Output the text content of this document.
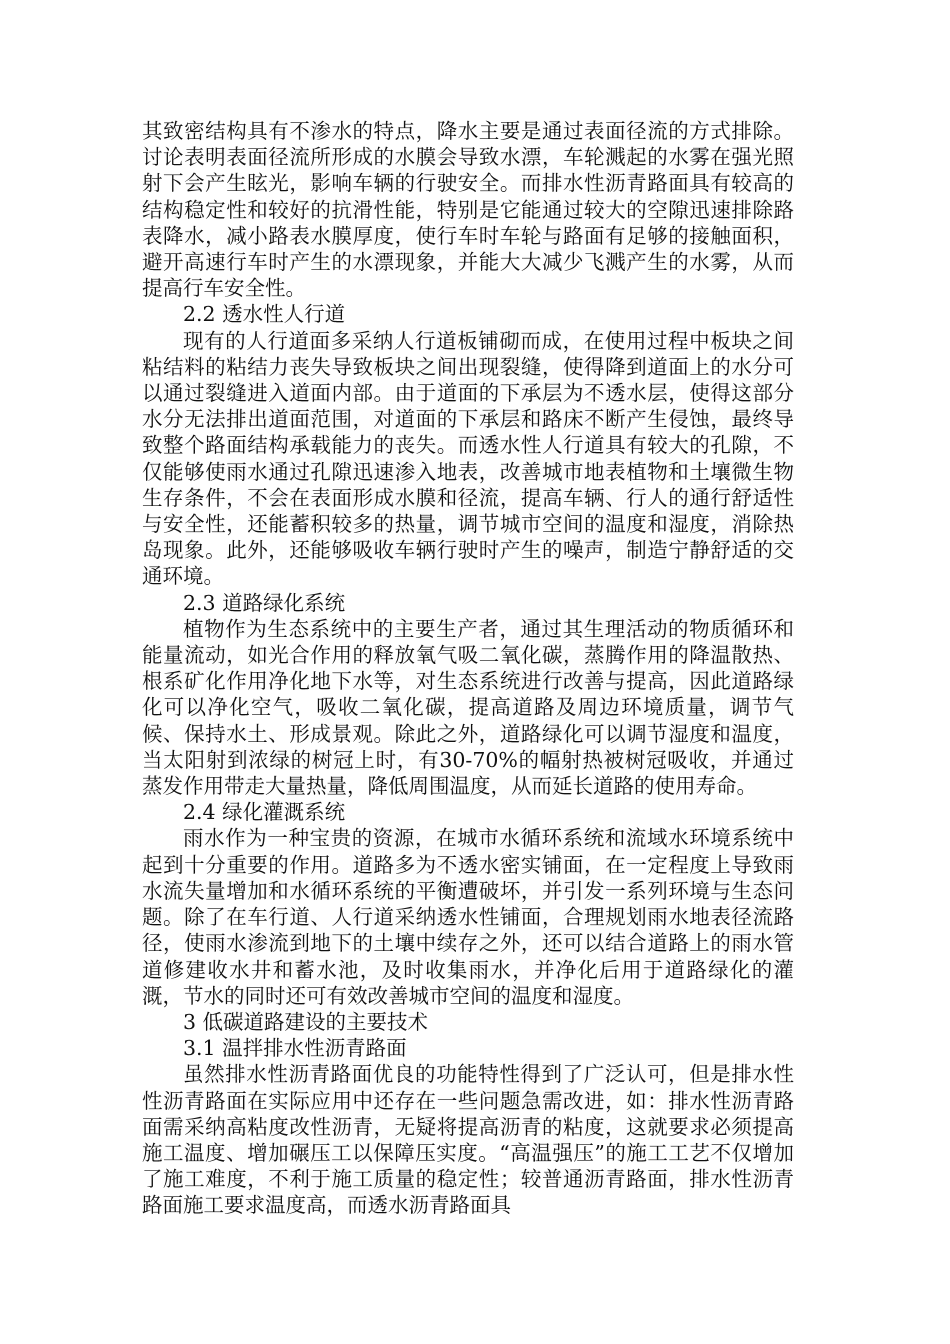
其致密结构具有不渗水的特点，降水主要是通过表面径流的方式排除。讨论表明表面径流所形成的水膜会导致水漂，车轮溅起的水雾在强光照射下会产生眩光，影响车辆的行驶安全。而排水性沥青路面具有较高的结构稳定性和较好的抗滑性能，特别是它能通过较大的空隙迅速排除路表降水，减小路表水膜厚度，使行车时车轮与路面有足够的接触面积，避开高速行车时产生的水漂现象，并能大大减少飞溅产生的水雾，从而提高行车安全性。

2.2 透水性人行道

现有的人行道面多采纳人行道板铺砌而成，在使用过程中板块之间粘结料的粘结力丧失导致板块之间出现裂缝，使得降到道面上的水分可以通过裂缝进入道面内部。由于道面的下承层为不透水层，使得这部分水分无法排出道面范围，对道面的下承层和路床不断产生侵蚀，最终导致整个路面结构承载能力的丧失。而透水性人行道具有较大的孔隙，不仅能够使雨水通过孔隙迅速渗入地表，改善城市地表植物和土壤微生物生存条件，不会在表面形成水膜和径流，提高车辆、行人的通行舒适性与安全性，还能蓄积较多的热量，调节城市空间的温度和湿度，消除热岛现象。此外，还能够吸收车辆行驶时产生的噪声，制造宁静舒适的交通环境。

2.3 道路绿化系统

植物作为生态系统中的主要生产者，通过其生理活动的物质循环和能量流动，如光合作用的释放氧气吸二氧化碳，蒸腾作用的降温散热、根系矿化作用净化地下水等，对生态系统进行改善与提高，因此道路绿化可以净化空气，吸收二氧化碳，提高道路及周边环境质量，调节气候、保持水土、形成景观。除此之外，道路绿化可以调节湿度和温度，当太阳射到浓绿的树冠上时，有30-70%的幅射热被树冠吸收，并通过蒸发作用带走大量热量，降低周围温度，从而延长道路的使用寿命。

2.4 绿化灌溉系统

雨水作为一种宝贵的资源，在城市水循环系统和流域水环境系统中起到十分重要的作用。道路多为不透水密实铺面，在一定程度上导致雨水流失量增加和水循环系统的平衡遭破坏，并引发一系列环境与生态问题。除了在车行道、人行道采纳透水性铺面，合理规划雨水地表径流路径，使雨水渗流到地下的土壤中续存之外，还可以结合道路上的雨水管道修建收水井和蓄水池，及时收集雨水，并净化后用于道路绿化的灌溉，节水的同时还可有效改善城市空间的温度和湿度。

3 低碳道路建设的主要技术

3.1 温拌排水性沥青路面

虽然排水性沥青路面优良的功能特性得到了广泛认可，但是排水性性沥青路面在实际应用中还存在一些问题急需改进，如：排水性沥青路面需采纳高粘度改性沥青，无疑将提高沥青的粘度，这就要求必须提高施工温度、增加碾压工以保障压实度。“高温强压”的施工工艺不仅增加了施工难度，不利于施工质量的稳定性；较普通沥青路面，排水性沥青路面施工要求温度高，而透水沥青路面具
